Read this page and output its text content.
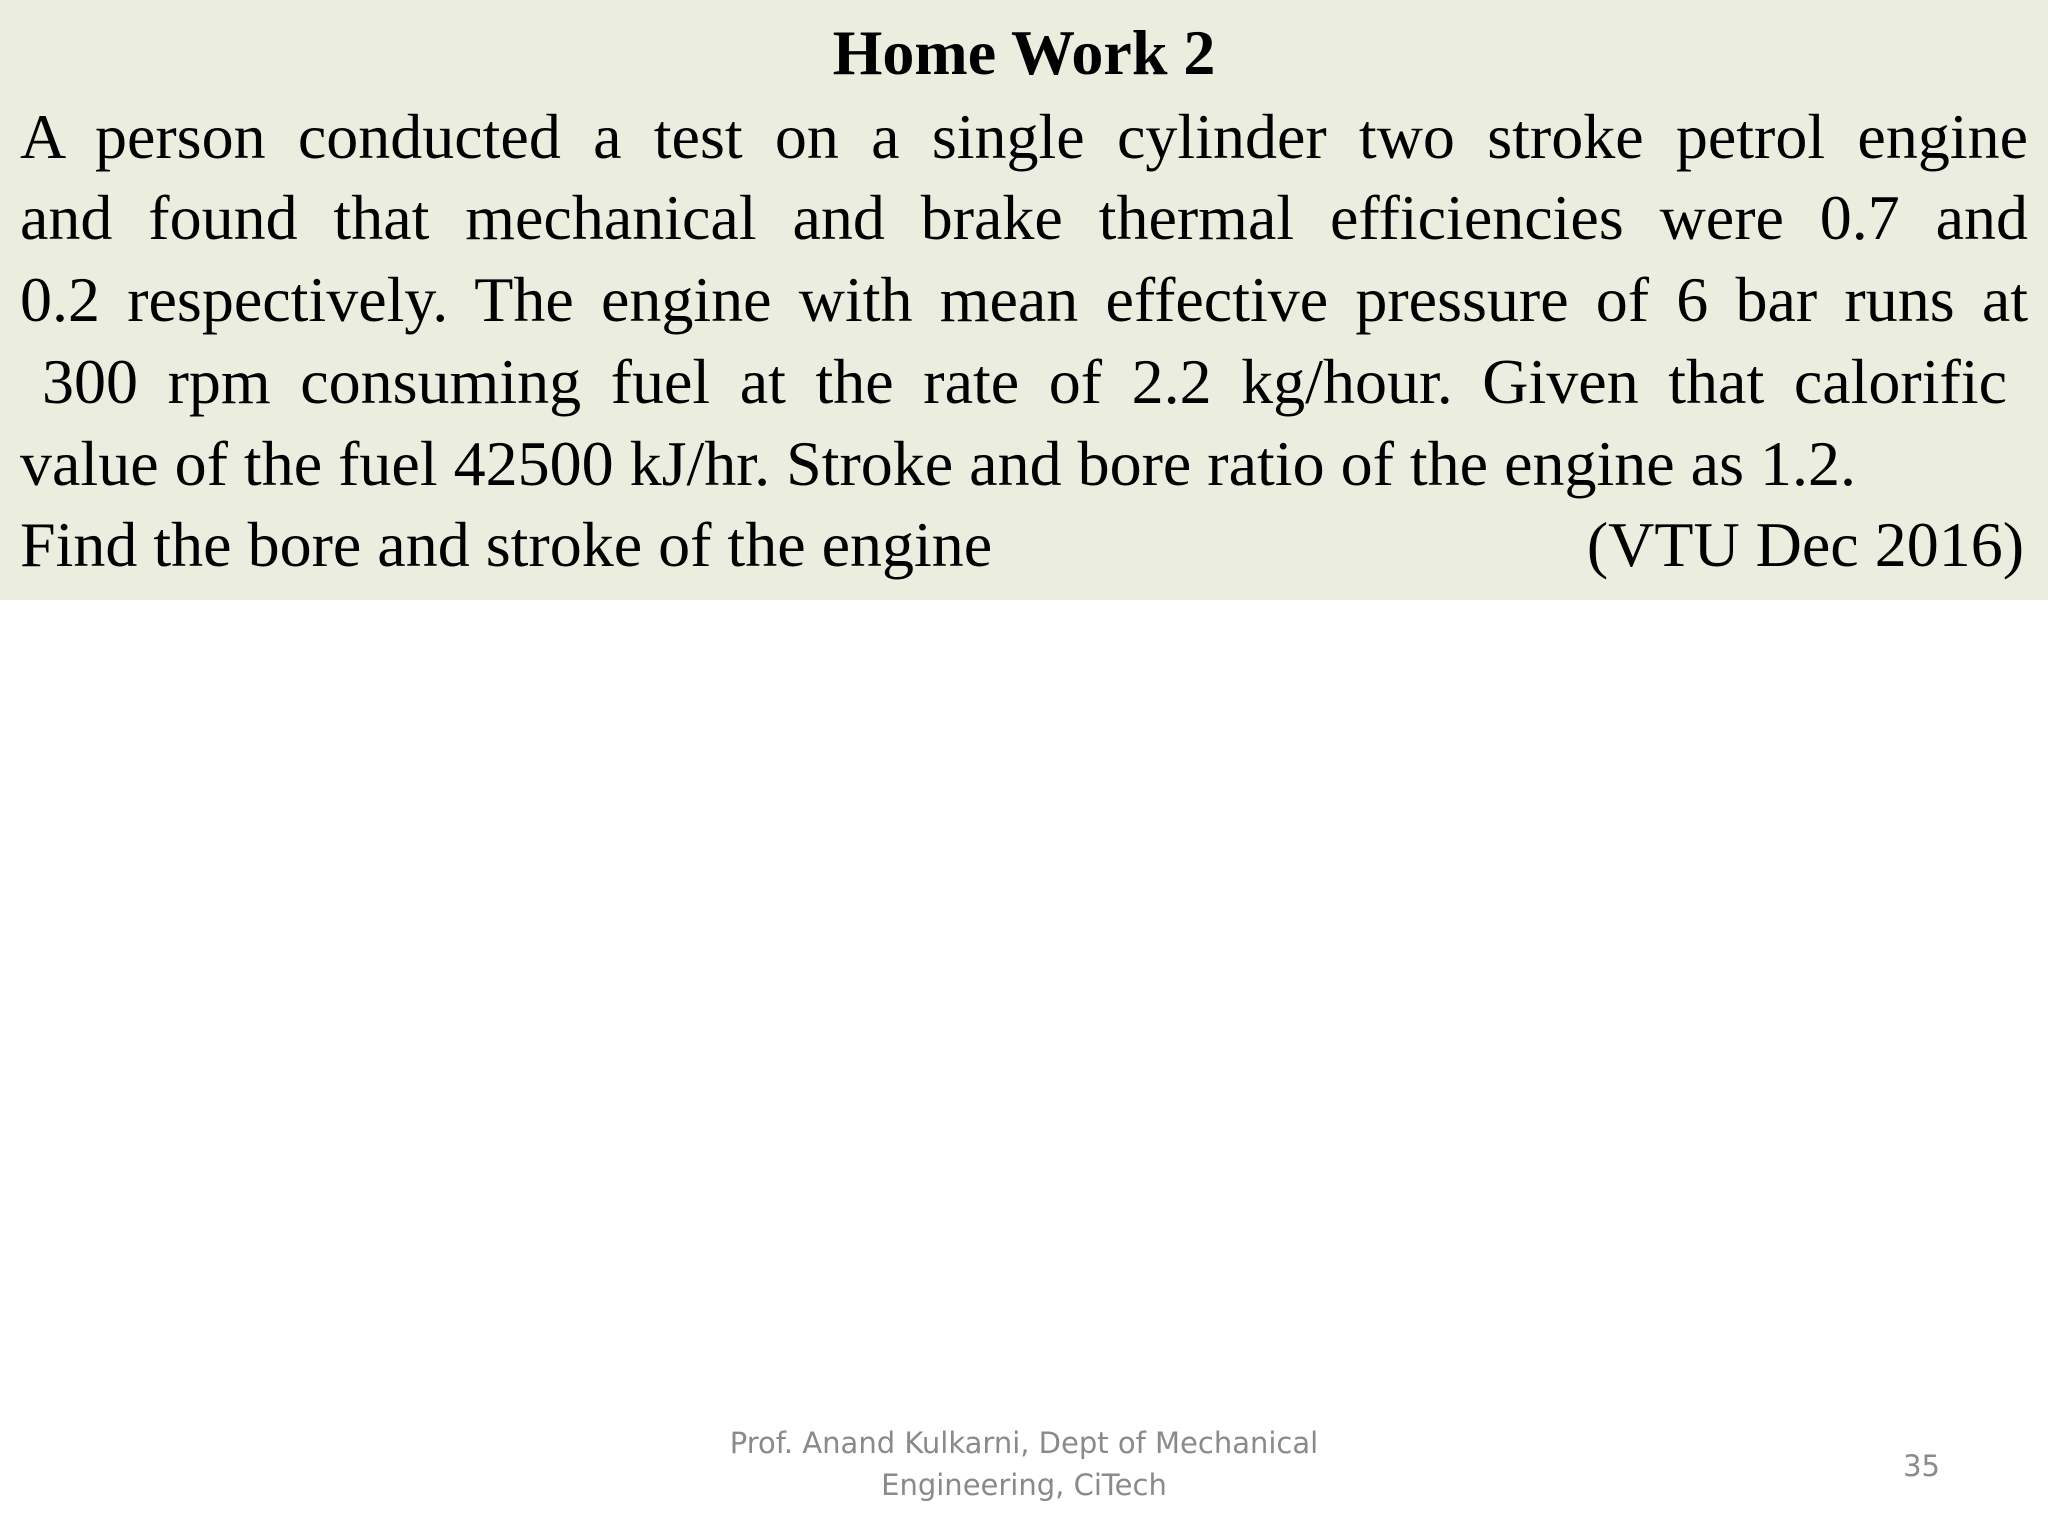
Home Work 2
A person conducted a test on a single cylinder two stroke petrol engine
and found that mechanical and brake thermal efficiencies were 0.7 and
0.2 respectively. The engine with mean effective pressure of 6 bar runs at
300 rpm consuming fuel at the rate of 2.2 kg/hour. Given that calorific
value of the fuel 42500 kJ/hr. Stroke and bore ratio of the engine as 1.2.
Find the bore and stroke of the engine	(VTU Dec 2016)
Prof. Anand Kulkarni, Dept of Mechanical
Engineering, CiTech
35
